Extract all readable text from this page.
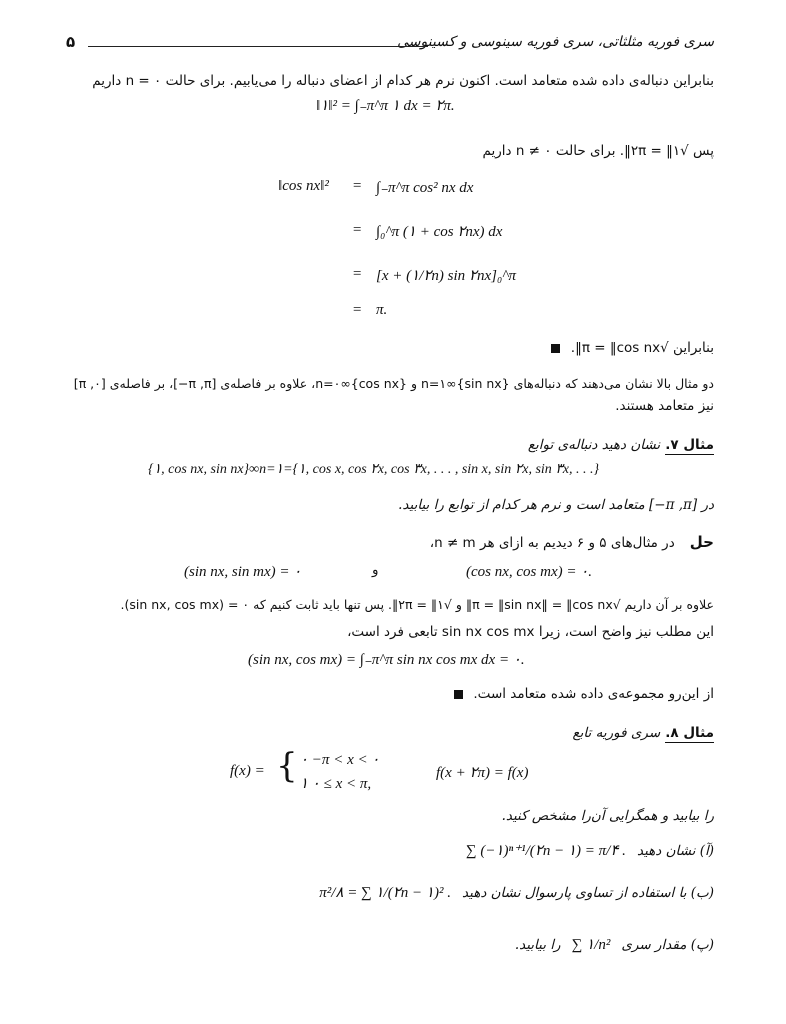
سری فوریه مثلثاتی، سری فوریه سینوسی و کسینوسی
۵
بنابراین دنباله‌ی داده شده متعامد است. اکنون نرم هر کدام از اعضای دنباله را می‌یابیم. برای حالت ۰ = n داریم
‖۱‖² = ∫₋π^π ۱ dx = ۲π.
پس √۲π = ‖۱‖. برای حالت ۰ ≠ n داریم
‖cos nx‖² = ∫₋π^π cos² nx dx
= ∫₀^π (۱ + cos ۲nx) dx
= [x + (۱/۲n) sin ۲nx]₀^π
= π.
بنابراین √π = ‖cos nx‖.
دو مثال بالا نشان می‌دهند که دنباله‌های {sin nx}∞n=۱ و {cos nx}∞n=۰، علاوه بر فاصله‌ی [π ,π−]، بر فاصله‌ی [π ,۰]
نیز متعامد هستند.
مثال ۷. نشان دهید دنباله‌ی توابع
{۱, cos nx, sin nx}∞n=۱={۱, cos x, cos ۲x, cos ۳x, . . . , sin x, sin ۲x, sin ۳x, . . .}
در [π ,π−] متعامد است و نرم هر کدام از توابع را بیابید.
حل در مثال‌های ۵ و ۶ دیدیم به ازای هر n ≠ m،
(sin nx, sin mx) = ۰	و	(cos nx, cos mx) = ۰.
علاوه بر آن داریم √π = ‖sin nx‖ = ‖cos nx‖ و √۲π = ‖۱‖. پس تنها باید ثابت کنیم که ۰ = (sin nx, cos mx).
این مطلب نیز واضح است، زیرا sin nx cos mx تابعی فرد است،
(sin nx, cos mx) = ∫₋π^π sin nx cos mx dx = ۰.
از این‌رو مجموعه‌ی داده شده متعامد است.
مثال ۸. سری فوریه تابع
f(x) = { ۰ −π < x < ۰
۱ ۰ ≤ x < π,
f(x + ۲π) = f(x)
را بیابید و همگرایی آن‌را مشخص کنید.
(آ) نشان دهید ∑ (−۱)ⁿ⁺¹/(۲n − ۱) = π/۴ .
(ب) با استفاده از تساوی پارسوال نشان دهید π²/۸ = ∑ ۱/(۲n − ۱)² .
(پ) مقدار سری ∑ ۱/n² را بیابید.
